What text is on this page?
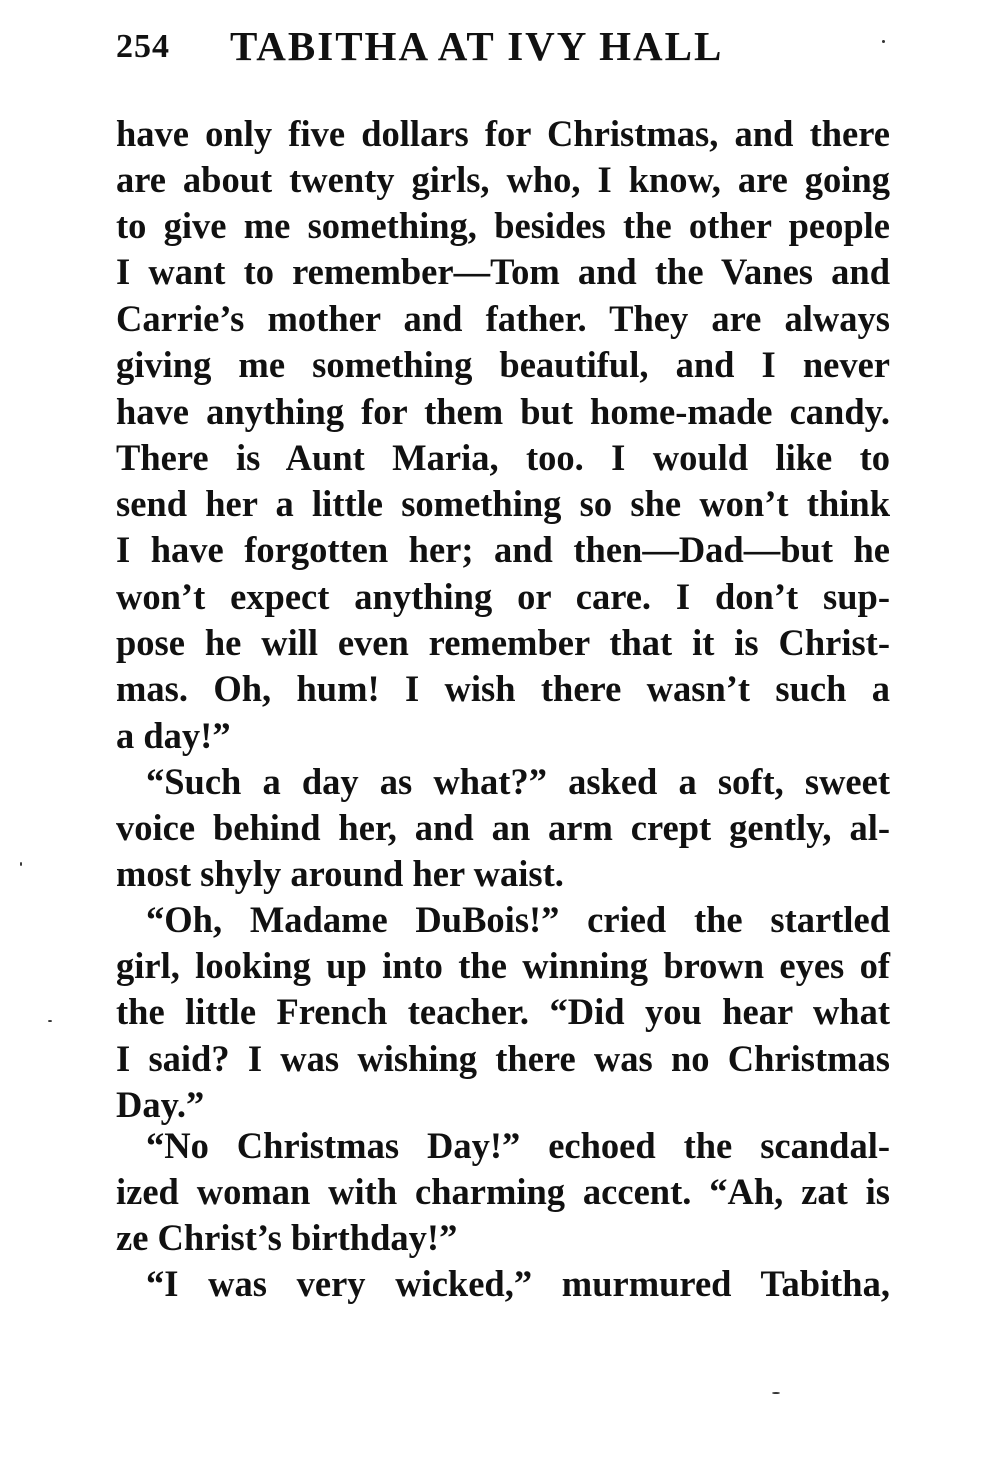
254 TABITHA AT IVY HALL
have only five dollars for Christmas, and there
are about twenty girls, who, I know, are going
to give me something, besides the other people
I want to remember—Tom and the Vanes and
Carrie’s mother and father. They are always
giving me something beautiful, and I never
have anything for them but home-made candy.
There is Aunt Maria, too. I would like to
send her a little something so she won’t think
I have forgotten her; and then—Dad—but he
won’t expect anything or care. I don’t sup-
pose he will even remember that it is Christ-
mas. Oh, hum! I wish there wasn’t such a
a day!”
“Such a day as what?” asked a soft, sweet
voice behind her, and an arm crept gently, al-
most shyly around her waist.
“Oh, Madame DuBois!” cried the startled
girl, looking up into the winning brown eyes of
the little French teacher. “Did you hear what
I said? I was wishing there was no Christmas
Day.”
“No Christmas Day!” echoed the scandal-
ized woman with charming accent. “Ah, zat is
ze Christ’s birthday!”
“I was very wicked,” murmured Tabitha,
